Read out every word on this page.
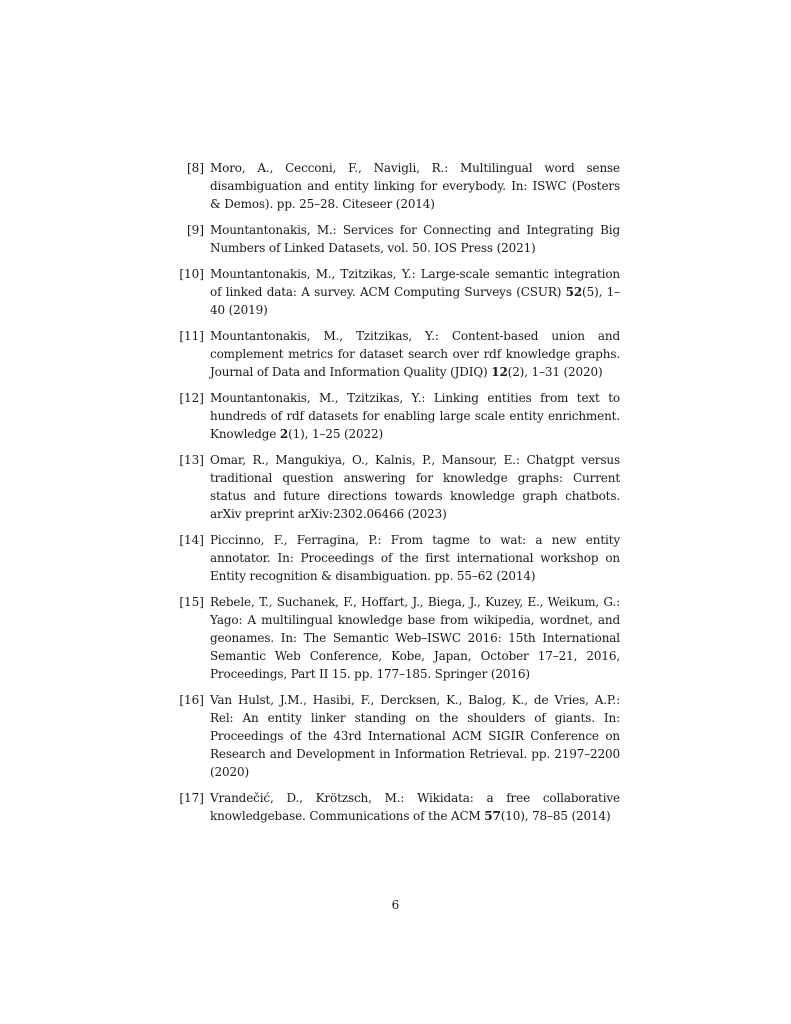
[8] Moro, A., Cecconi, F., Navigli, R.: Multilingual word sense disambiguation and entity linking for everybody. In: ISWC (Posters & Demos). pp. 25–28. Citeseer (2014)
[9] Mountantonakis, M.: Services for Connecting and Integrating Big Numbers of Linked Datasets, vol. 50. IOS Press (2021)
[10] Mountantonakis, M., Tzitzikas, Y.: Large-scale semantic integration of linked data: A survey. ACM Computing Surveys (CSUR) 52(5), 1–40 (2019)
[11] Mountantonakis, M., Tzitzikas, Y.: Content-based union and complement metrics for dataset search over rdf knowledge graphs. Journal of Data and Information Quality (JDIQ) 12(2), 1–31 (2020)
[12] Mountantonakis, M., Tzitzikas, Y.: Linking entities from text to hundreds of rdf datasets for enabling large scale entity enrichment. Knowledge 2(1), 1–25 (2022)
[13] Omar, R., Mangukiya, O., Kalnis, P., Mansour, E.: Chatgpt versus traditional question answering for knowledge graphs: Current status and future directions towards knowledge graph chatbots. arXiv preprint arXiv:2302.06466 (2023)
[14] Piccinno, F., Ferragina, P.: From tagme to wat: a new entity annotator. In: Proceedings of the first international workshop on Entity recognition & disambiguation. pp. 55–62 (2014)
[15] Rebele, T., Suchanek, F., Hoffart, J., Biega, J., Kuzey, E., Weikum, G.: Yago: A multilingual knowledge base from wikipedia, wordnet, and geonames. In: The Semantic Web–ISWC 2016: 15th International Semantic Web Conference, Kobe, Japan, October 17–21, 2016, Proceedings, Part II 15. pp. 177–185. Springer (2016)
[16] Van Hulst, J.M., Hasibi, F., Dercksen, K., Balog, K., de Vries, A.P.: Rel: An entity linker standing on the shoulders of giants. In: Proceedings of the 43rd International ACM SIGIR Conference on Research and Development in Information Retrieval. pp. 2197–2200 (2020)
[17] Vrandečić, D., Krötzsch, M.: Wikidata: a free collaborative knowledgebase. Communications of the ACM 57(10), 78–85 (2014)
6
